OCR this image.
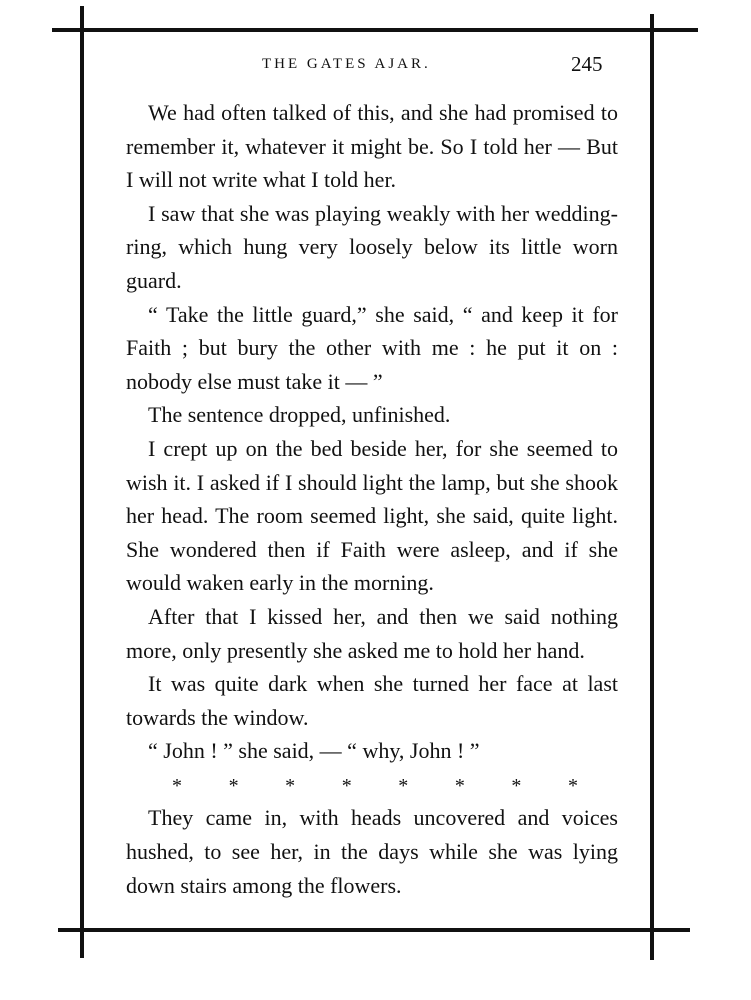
THE GATES AJAR.	245

We had often talked of this, and she had promised to remember it, whatever it might be. So I told her — But I will not write what I told her.

I saw that she was playing weakly with her wedding-ring, which hung very loosely below its little worn guard.

“ Take the little guard,” she said, “ and keep it for Faith ; but bury the other with me : he put it on : nobody else must take it — ”

The sentence dropped, unfinished.

I crept up on the bed beside her, for she seemed to wish it. I asked if I should light the lamp, but she shook her head. The room seemed light, she said, quite light. She wondered then if Faith were asleep, and if she would waken early in the morning.

After that I kissed her, and then we said nothing more, only presently she asked me to hold her hand.

It was quite dark when she turned her face at last towards the window.

“ John ! ” she said, — “ why, John ! ”

* * * * * * * *

They came in, with heads uncovered and voices hushed, to see her, in the days while she was lying down stairs among the flowers.
